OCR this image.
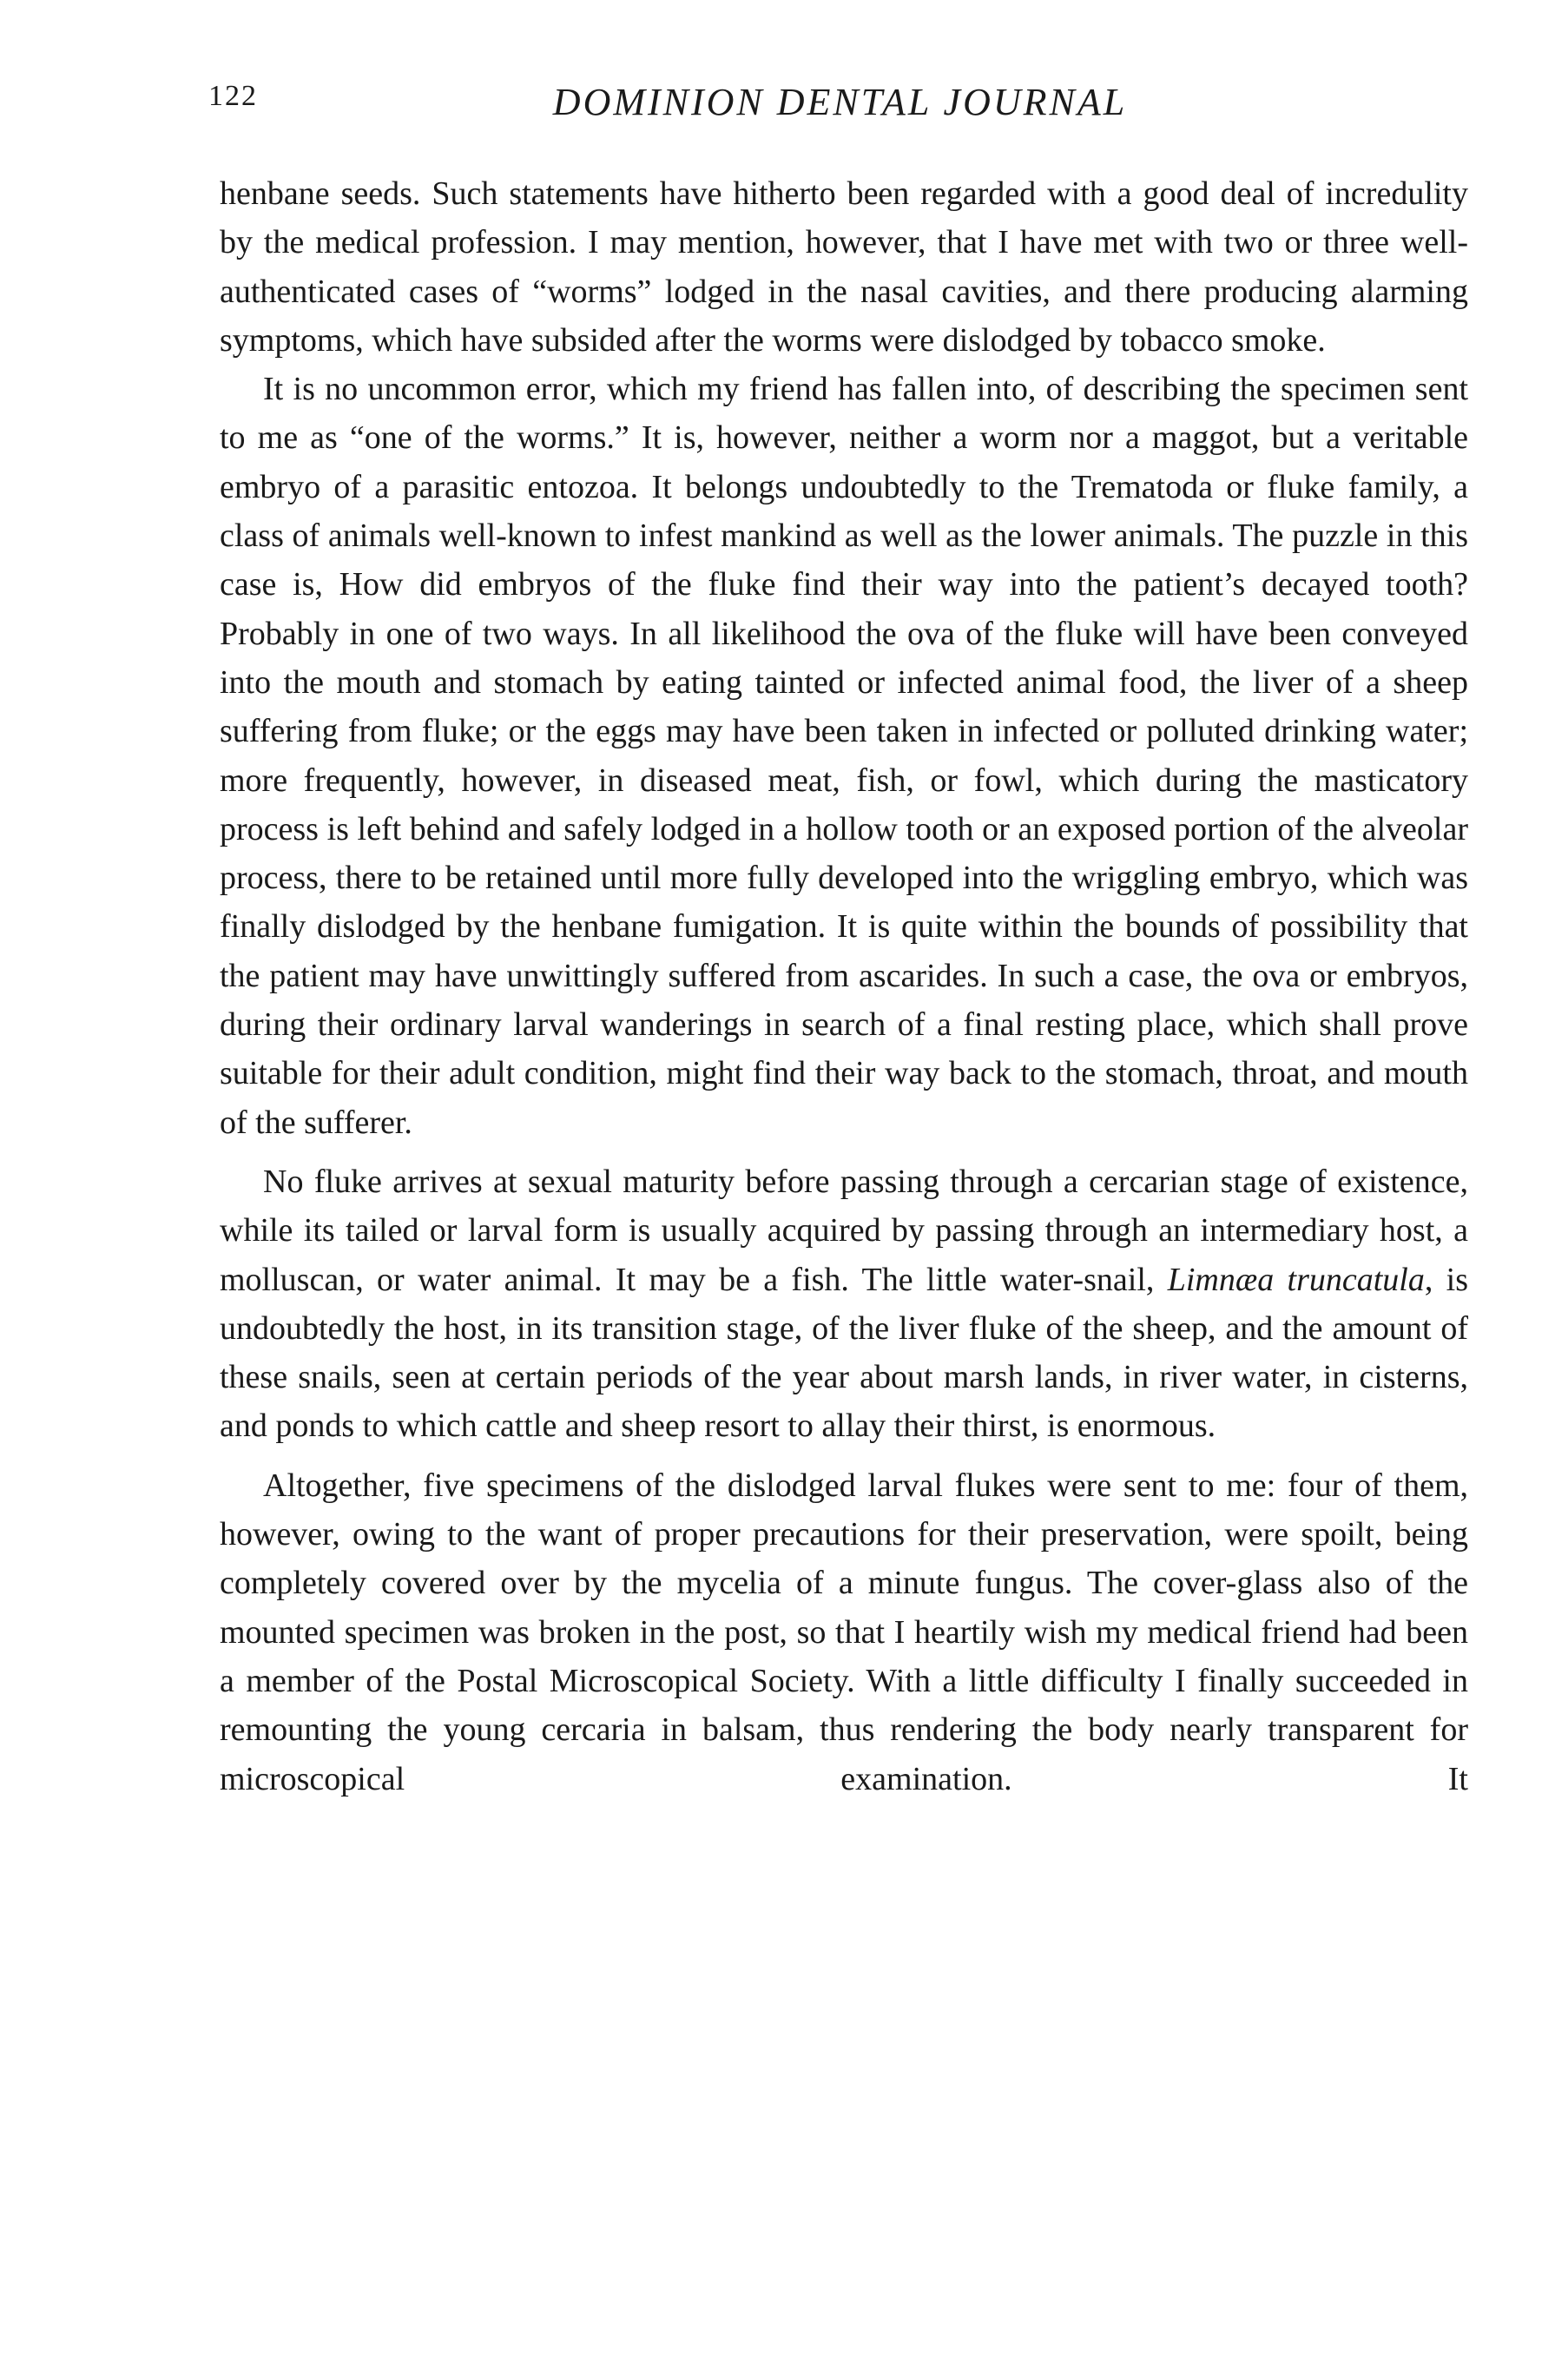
122	DOMINION DENTAL JOURNAL

henbane seeds. Such statements have hitherto been regarded with a good deal of incredulity by the medical profession. I may mention, however, that I have met with two or three well-authenticated cases of “worms” lodged in the nasal cavities, and there producing alarming symptoms, which have subsided after the worms were dislodged by tobacco smoke.

It is no uncommon error, which my friend has fallen into, of describing the specimen sent to me as “one of the worms.” It is, however, neither a worm nor a maggot, but a veritable embryo of a parasitic entozoa. It belongs undoubtedly to the Trematoda or fluke family, a class of animals well-known to infest mankind as well as the lower animals. The puzzle in this case is, How did embryos of the fluke find their way into the patient’s decayed tooth? Probably in one of two ways. In all likelihood the ova of the fluke will have been conveyed into the mouth and stomach by eating tainted or infected animal food, the liver of a sheep suffering from fluke; or the eggs may have been taken in infected or polluted drinking water; more frequently, however, in diseased meat, fish, or fowl, which during the masticatory process is left behind and safely lodged in a hollow tooth or an exposed portion of the alveolar process, there to be retained until more fully developed into the wriggling embryo, which was finally dislodged by the henbane fumigation. It is quite within the bounds of possibility that the patient may have unwittingly suffered from ascarides. In such a case, the ova or embryos, during their ordinary larval wanderings in search of a final resting place, which shall prove suitable for their adult condition, might find their way back to the stomach, throat, and mouth of the sufferer.

No fluke arrives at sexual maturity before passing through a cercarian stage of existence, while its tailed or larval form is usually acquired by passing through an intermediary host, a molluscan, or water animal. It may be a fish. The little water-snail, Limnæa truncatula, is undoubtedly the host, in its transition stage, of the liver fluke of the sheep, and the amount of these snails, seen at certain periods of the year about marsh lands, in river water, in cisterns, and ponds to which cattle and sheep resort to allay their thirst, is enormous.

Altogether, five specimens of the dislodged larval flukes were sent to me: four of them, however, owing to the want of proper precautions for their preservation, were spoilt, being completely covered over by the mycelia of a minute fungus. The cover-glass also of the mounted specimen was broken in the post, so that I heartily wish my medical friend had been a member of the Postal Microscopical Society. With a little difficulty I finally succeeded in remounting the young cercaria in balsam, thus rendering the body nearly transparent for microscopical examination. It
